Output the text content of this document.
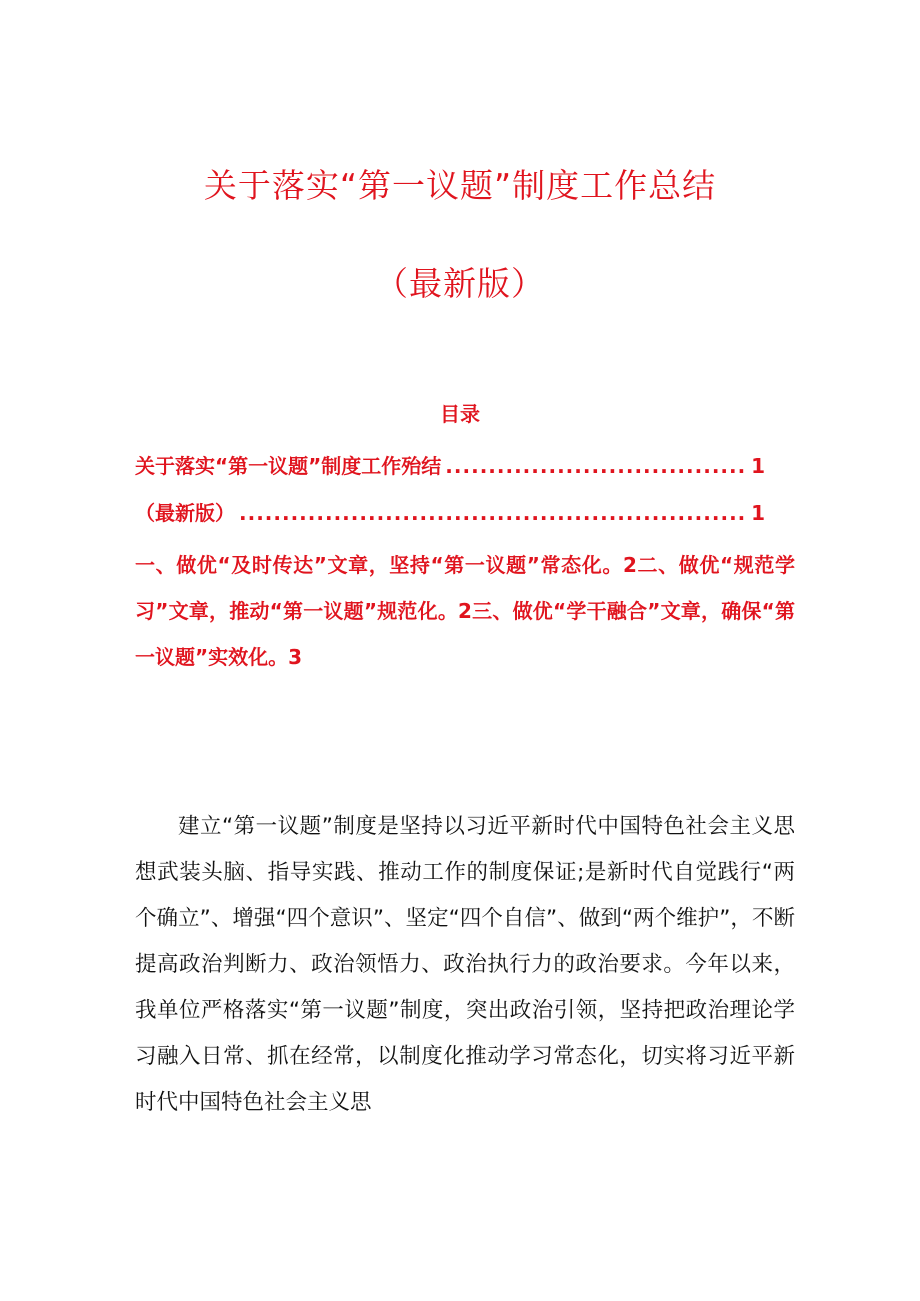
关于落实“第一议题”制度工作总结
（最新版）
目录
关于落实“第一议题”制度工作殆结 .....	1
（最新版） .....	1
一、做优“及时传达”文章，坚持“第一议题”常态化。2二、做优“规范学习”文章，推动“第一议题”规范化。2三、做优“学干融合”文章，确保“第一议题”实效化。3
建立“第一议题”制度是坚持以习近平新时代中国特色社会主义思想武装头脑、指导实践、推动工作的制度保证;是新时代自觉践行“两个确立”、增强“四个意识”、坚定“四个自信”、做到“两个维护”，不断提高政治判断力、政治领悟力、政治执行力的政治要求。今年以来，我单位严格落实“第一议题”制度，突出政治引领，坚持把政治理论学习融入日常、抓在经常，以制度化推动学习常态化，切实将习近平新时代中国特色社会主义思
